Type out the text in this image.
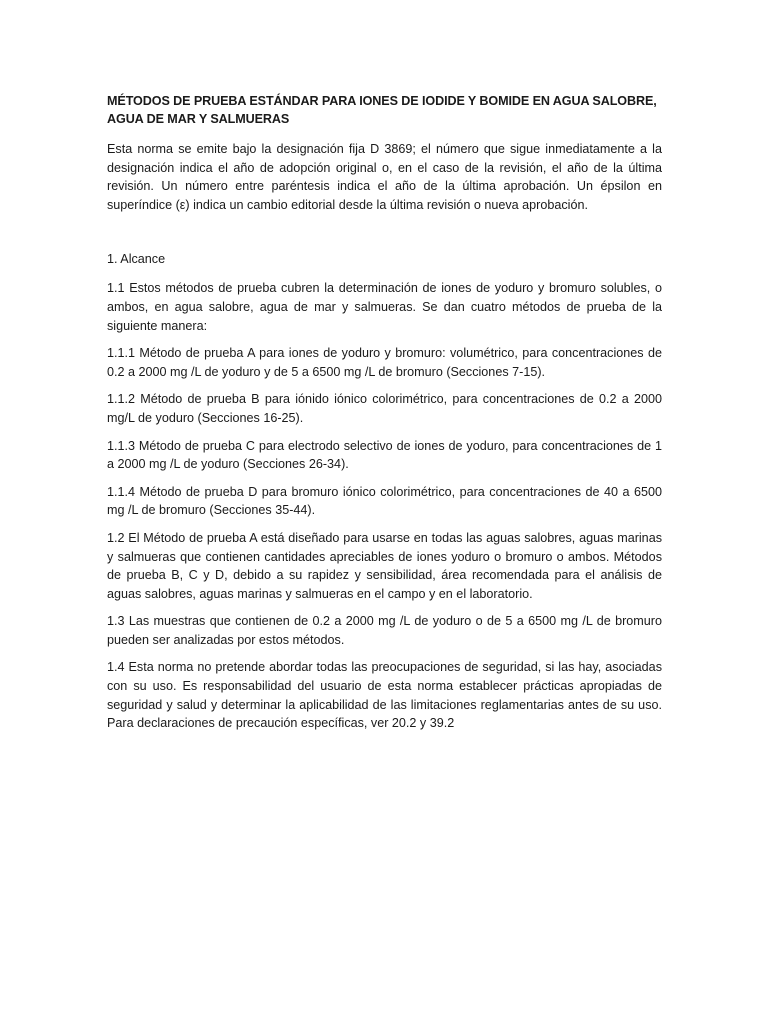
MÉTODOS DE PRUEBA ESTÁNDAR PARA IONES DE IODIDE Y BOMIDE EN AGUA SALOBRE, AGUA DE MAR Y SALMUERAS

Esta norma se emite bajo la designación fija D 3869; el número que sigue inmediatamente a la designación indica el año de adopción original o, en el caso de la revisión, el año de la última revisión. Un número entre paréntesis indica el año de la última aprobación. Un épsilon en superíndice (ε) indica un cambio editorial desde la última revisión o nueva aprobación.

1. Alcance

1.1 Estos métodos de prueba cubren la determinación de iones de yoduro y bromuro solubles, o ambos, en agua salobre, agua de mar y salmueras. Se dan cuatro métodos de prueba de la siguiente manera:

1.1.1 Método de prueba A para iones de yoduro y bromuro: volumétrico, para concentraciones de 0.2 a 2000 mg /L de yoduro y de 5 a 6500 mg /L de bromuro (Secciones 7-15).

1.1.2 Método de prueba B para iónido iónico colorimétrico, para concentraciones de 0.2 a 2000 mg/L de yoduro (Secciones 16-25).

1.1.3 Método de prueba C para electrodo selectivo de iones de yoduro, para concentraciones de 1 a 2000 mg /L de yoduro (Secciones 26-34).

1.1.4 Método de prueba D para bromuro iónico colorimétrico, para concentraciones de 40 a 6500 mg /L de bromuro (Secciones 35-44).

1.2 El Método de prueba A está diseñado para usarse en todas las aguas salobres, aguas marinas y salmueras que contienen cantidades apreciables de iones yoduro o bromuro o ambos. Métodos de prueba B, C y D, debido a su rapidez y sensibilidad, área recomendada para el análisis de aguas salobres, aguas marinas y salmueras en el campo y en el laboratorio.

1.3 Las muestras que contienen de 0.2 a 2000 mg /L de yoduro o de 5 a 6500 mg /L de bromuro pueden ser analizadas por estos métodos.

1.4 Esta norma no pretende abordar todas las preocupaciones de seguridad, si las hay, asociadas con su uso. Es responsabilidad del usuario de esta norma establecer prácticas apropiadas de seguridad y salud y determinar la aplicabilidad de las limitaciones reglamentarias antes de su uso. Para declaraciones de precaución específicas, ver 20.2 y 39.2
